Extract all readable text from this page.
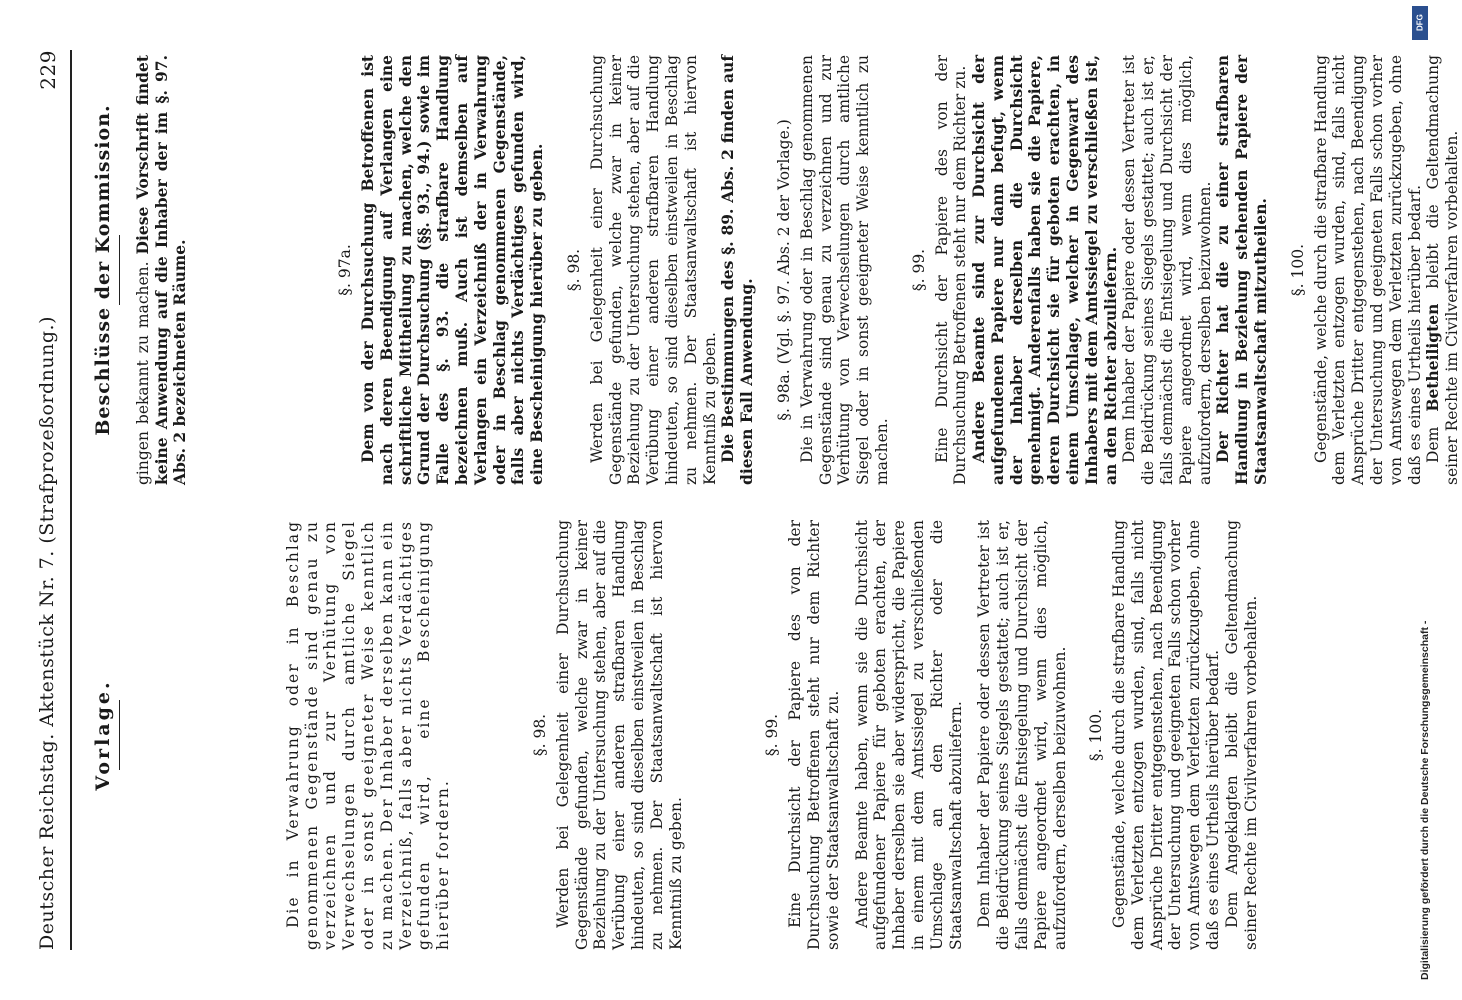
Deutscher Reichstag. Aktenstück Nr. 7. (Strafprozeßordnung.)
229
Vorlage.	Die in Verwahrung oder in Beschlag genommenen Gegenstände sind genau zu verzeichnen und zur Verhütung von Verwechselungen durch amtliche Siegel oder in sonst geeigneter Weise kenntlich zu machen. Der Inhaber derselben kann ein Verzeichniß, falls aber nichts Verdächtiges gefunden wird, eine Bescheinigung hierüber fordern.

§. 98. Werden bei Gelegenheit einer Durchsuchung Gegenstände gefunden, welche zwar in keiner Beziehung zu der Untersuchung stehen, aber auf die Verübung einer anderen strafbaren Handlung hindeuten, so sind dieselben einstweilen in Beschlag zu nehmen. Der Staatsanwaltschaft ist hiervon Kenntniß zu geben.

§. 99. Eine Durchsicht der Papiere des von der Durchsuchung Betroffenen steht nur dem Richter sowie der Staatsanwaltschaft zu. Andere Beamte haben, wenn sie die Durchsicht aufgefundener Papiere für geboten erachten, der Inhaber derselben sie aber widerspricht, die Papiere in einem mit dem Amtssiegel zu verschließenden Umschlage an den Richter oder die Staatsanwaltschaft abzuliefern. Dem Inhaber der Papiere oder dessen Vertreter ist die Beidrückung seines Siegels gestattet; auch ist er, falls demnächst die Entsiegelung und Durchsicht der Papiere angeordnet wird, wenn dies möglich, aufzufordern, derselben beizuwohnen. §. 100. Gegenstände, welche durch die strafbare Handlung dem Verletzten entzogen wurden, sind, falls nicht Ansprüche Dritter entgegenstehen, nach Beendigung der Untersuchung und geeigneten Falls schon vorher von Amtswegen dem Verletzten zurückzugeben, ohne daß es eines Urtheils hierüber bedarf. Dem Angeklagten bleibt die Geltendmachung seiner Rechte im Civilverfahren vorbehalten.

Beschlüsse der Kommission. gingen bekannt zu machen. Diese Vorschrift findet keine Anwendung auf die Inhaber der im §. 97. Abs. 2 bezeichneten Räume.	§. 97a. Dem von der Durchsuchung Betroffenen ist nach deren Beendigung auf Verlangen eine schriftliche Mittheilung zu machen, welche den Grund der Durchsuchung (§§. 93., 94.) sowie im Falle des §. 93. die strafbare Handlung bezeichnen muß. Auch ist demselben auf Verlangen ein Verzeichniß der in Verwahrung oder in Beschlag genommenen Gegenstände, falls aber nichts Verdächtiges gefunden wird, eine Bescheinigung hierüber zu geben. §. 98. Werden bei Gelegenheit einer Durchsuchung Gegenstände gefunden, welche zwar in keiner Beziehung zu der Untersuchung stehen, aber auf die Verübung einer anderen strafbaren Handlung hindeuten, so sind dieselben einstweilen in Beschlag zu nehmen. Der Staatsanwaltschaft ist hiervon Kenntniß zu geben. Die Bestimmungen des §. 89. Abs. 2 finden auf diesen Fall Anwendung. §. 98a. (Vgl. §. 97. Abs. 2 der Vorlage.) Die in Verwahrung oder in Beschlag genommenen Gegenstände sind genau zu verzeichnen und zur Verhütung von Verwechselungen durch amtliche Siegel oder in sonst geeigneter Weise kenntlich zu machen.

§. 99. Eine Durchsicht der Papiere des von der Durchsuchung Betroffenen steht nur dem Richter zu. Andere Beamte sind zur Durchsicht der aufgefundenen Papiere nur dann befugt, wenn der Inhaber derselben die Durchsicht genehmigt. Anderenfalls haben sie die Papiere, deren Durchsicht sie für geboten erachten, in einem Umschlage, welcher in Gegenwart des Inhabers mit dem Amtssiegel zu verschließen ist, an den Richter abzuliefern. Dem Inhaber der Papiere oder dessen Vertreter ist die Beidrückung seines Siegels gestattet; auch ist er, falls demnächst die Entsiegelung und Durchsicht der Papiere angeordnet wird, wenn dies möglich, aufzufordern, derselben beizuwohnen. Der Richter hat die zu einer strafbaren Handlung in Beziehung stehenden Papiere der Staatsanwaltschaft mitzutheilen. §. 100. Gegenstände, welche durch die strafbare Handlung dem Verletzten entzogen wurden, sind, falls nicht Ansprüche Dritter entgegenstehen, nach Beendigung der Untersuchung und geeigneten Falls schon vorher von Amtswegen dem Verletzten zurückzugeben, ohne daß es eines Urtheils hierüber bedarf. Dem Betheiligten bleibt die Geltendmachung seiner Rechte im Civilverfahren vorbehalten.

Digitalisierung gefördert durch die Deutsche Forschungsgemeinschaft -
DFG
